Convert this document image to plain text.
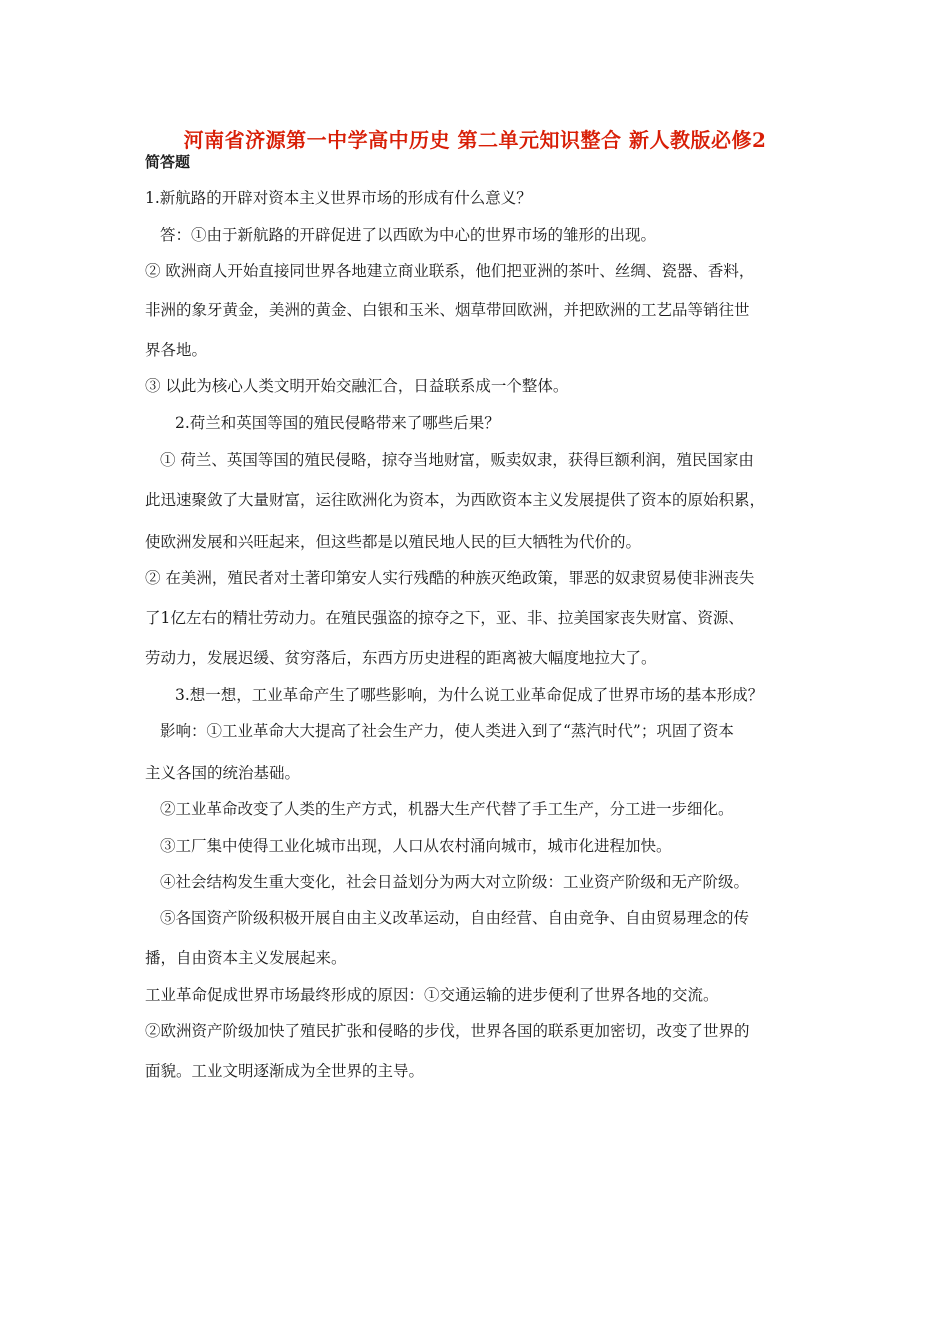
河南省济源第一中学高中历史 第二单元知识整合 新人教版必修2
简答题
1.新航路的开辟对资本主义世界市场的形成有什么意义？
答：①由于新航路的开辟促进了以西欧为中心的世界市场的雏形的出现。
② 欧洲商人开始直接同世界各地建立商业联系，他们把亚洲的茶叶、丝绸、瓷器、香料，
非洲的象牙黄金，美洲的黄金、白银和玉米、烟草带回欧洲，并把欧洲的工艺品等销往世
界各地。
③ 以此为核心人类文明开始交融汇合，日益联系成一个整体。
2.荷兰和英国等国的殖民侵略带来了哪些后果？
① 荷兰、英国等国的殖民侵略，掠夺当地财富，贩卖奴隶，获得巨额利润，殖民国家由
此迅速聚敛了大量财富，运往欧洲化为资本，为西欧资本主义发展提供了资本的原始积累，
使欧洲发展和兴旺起来，但这些都是以殖民地人民的巨大牺牲为代价的。
② 在美洲，殖民者对土著印第安人实行残酷的种族灭绝政策，罪恶的奴隶贸易使非洲丧失
了1亿左右的精壮劳动力。在殖民强盗的掠夺之下，亚、非、拉美国家丧失财富、资源、
劳动力，发展迟缓、贫穷落后，东西方历史进程的距离被大幅度地拉大了。
3.想一想，工业革命产生了哪些影响，为什么说工业革命促成了世界市场的基本形成？
影响：①工业革命大大提高了社会生产力，使人类进入到了“蒸汽时代”；巩固了资本
主义各国的统治基础。
②工业革命改变了人类的生产方式，机器大生产代替了手工生产，分工进一步细化。
③工厂集中使得工业化城市出现，人口从农村涌向城市，城市化进程加快。
④社会结构发生重大变化，社会日益划分为两大对立阶级：工业资产阶级和无产阶级。
⑤各国资产阶级积极开展自由主义改革运动，自由经营、自由竞争、自由贸易理念的传
播，自由资本主义发展起来。
工业革命促成世界市场最终形成的原因：①交通运输的进步便利了世界各地的交流。
②欧洲资产阶级加快了殖民扩张和侵略的步伐，世界各国的联系更加密切，改变了世界的
面貌。工业文明逐渐成为全世界的主导。
